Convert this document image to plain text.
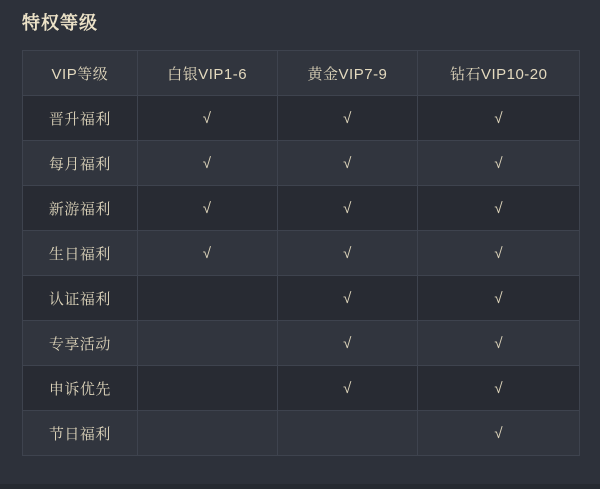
特权等级
VIP等级	白银VIP1-6	黄金VIP7-9	钻石VIP10-20
晋升福利	√	√	√
每月福利	√	√	√
新游福利	√	√	√
生日福利	√	√	√
认证福利		√	√
专享活动		√	√
申诉优先		√	√
节日福利			√
